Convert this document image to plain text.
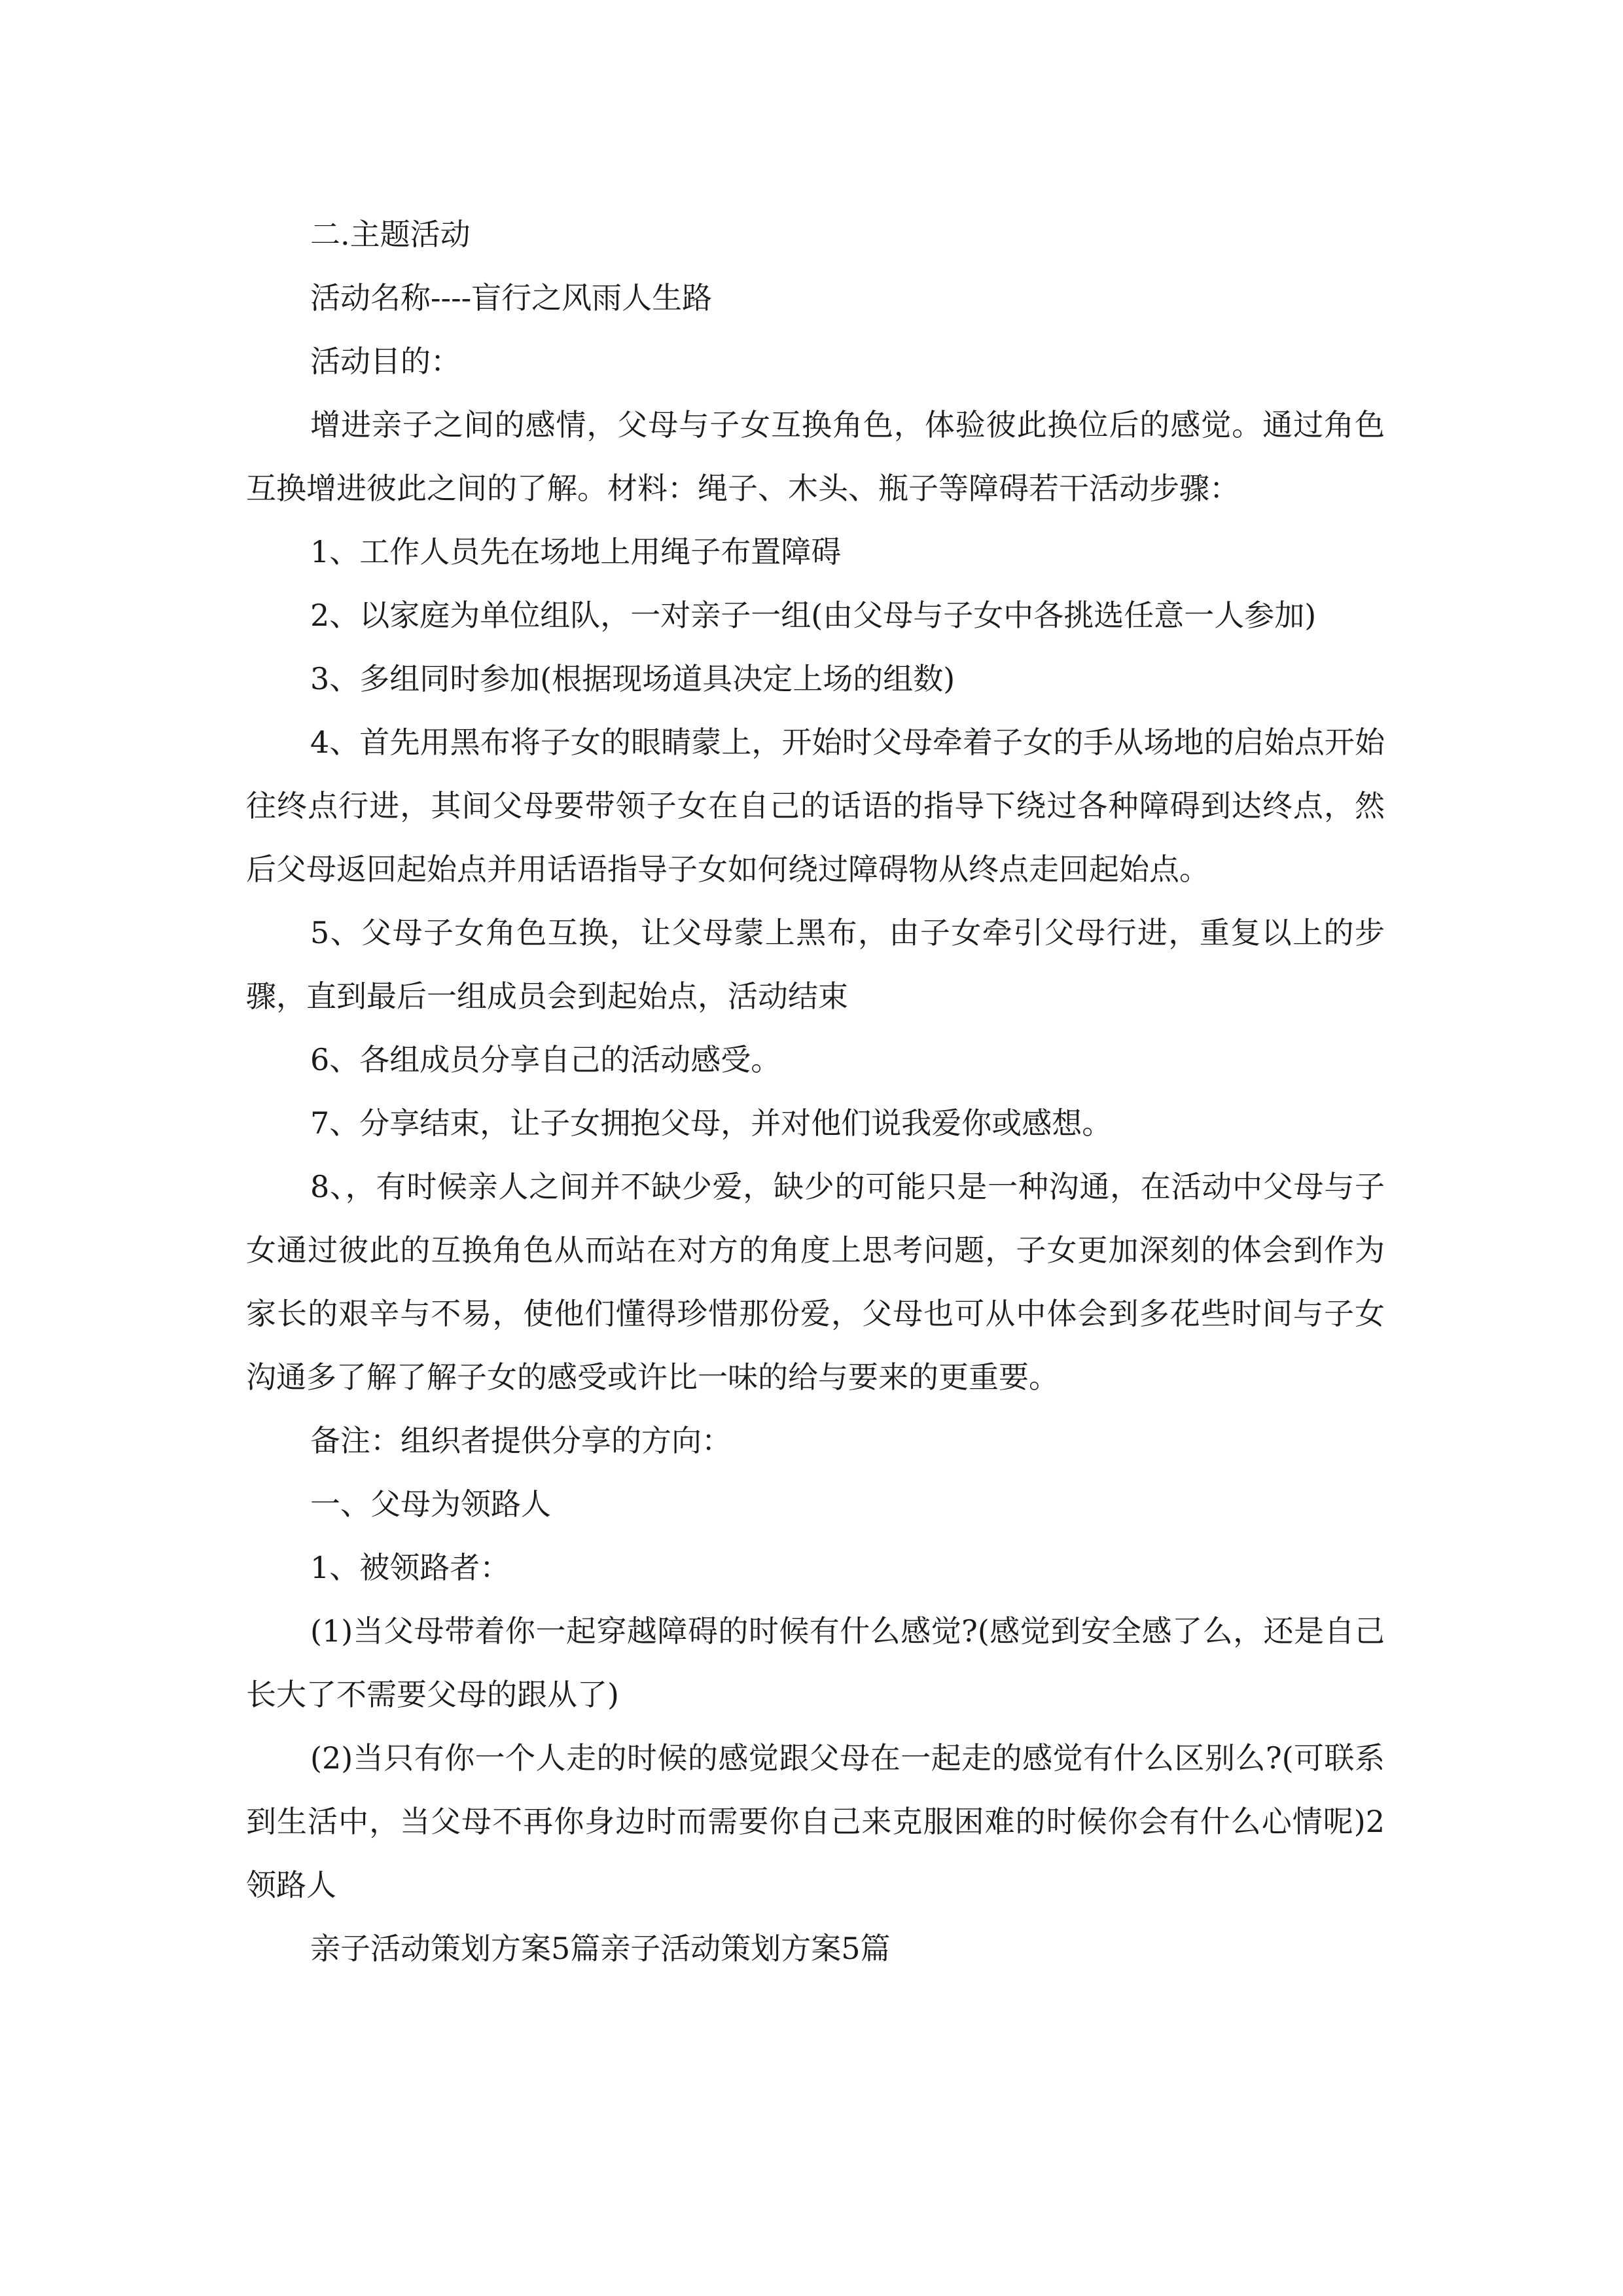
二.主题活动

活动名称----盲行之风雨人生路

活动目的：

增进亲子之间的感情，父母与子女互换角色，体验彼此换位后的感觉。通过角色互换增进彼此之间的了解。材料：绳子、木头、瓶子等障碍若干活动步骤：

1、工作人员先在场地上用绳子布置障碍

2、以家庭为单位组队，一对亲子一组(由父母与子女中各挑选任意一人参加)

3、多组同时参加(根据现场道具决定上场的组数)

4、首先用黑布将子女的眼睛蒙上，开始时父母牵着子女的手从场地的启始点开始往终点行进，其间父母要带领子女在自己的话语的指导下绕过各种障碍到达终点，然后父母返回起始点并用话语指导子女如何绕过障碍物从终点走回起始点。

5、父母子女角色互换，让父母蒙上黑布，由子女牵引父母行进，重复以上的步骤，直到最后一组成员会到起始点，活动结束

6、各组成员分享自己的活动感受。

7、分享结束，让子女拥抱父母，并对他们说我爱你或感想。

8、，有时候亲人之间并不缺少爱，缺少的可能只是一种沟通，在活动中父母与子女通过彼此的互换角色从而站在对方的角度上思考问题，子女更加深刻的体会到作为家长的艰辛与不易，使他们懂得珍惜那份爱，父母也可从中体会到多花些时间与子女沟通多了解了解子女的感受或许比一味的给与要来的更重要。

备注：组织者提供分享的方向：

一、父母为领路人

1、被领路者：

(1)当父母带着你一起穿越障碍的时候有什么感觉?(感觉到安全感了么，还是自己长大了不需要父母的跟从了)

(2)当只有你一个人走的时候的感觉跟父母在一起走的感觉有什么区别么?(可联系到生活中，当父母不再你身边时而需要你自己来克服困难的时候你会有什么心情呢)2领路人

亲子活动策划方案5篇亲子活动策划方案5篇
